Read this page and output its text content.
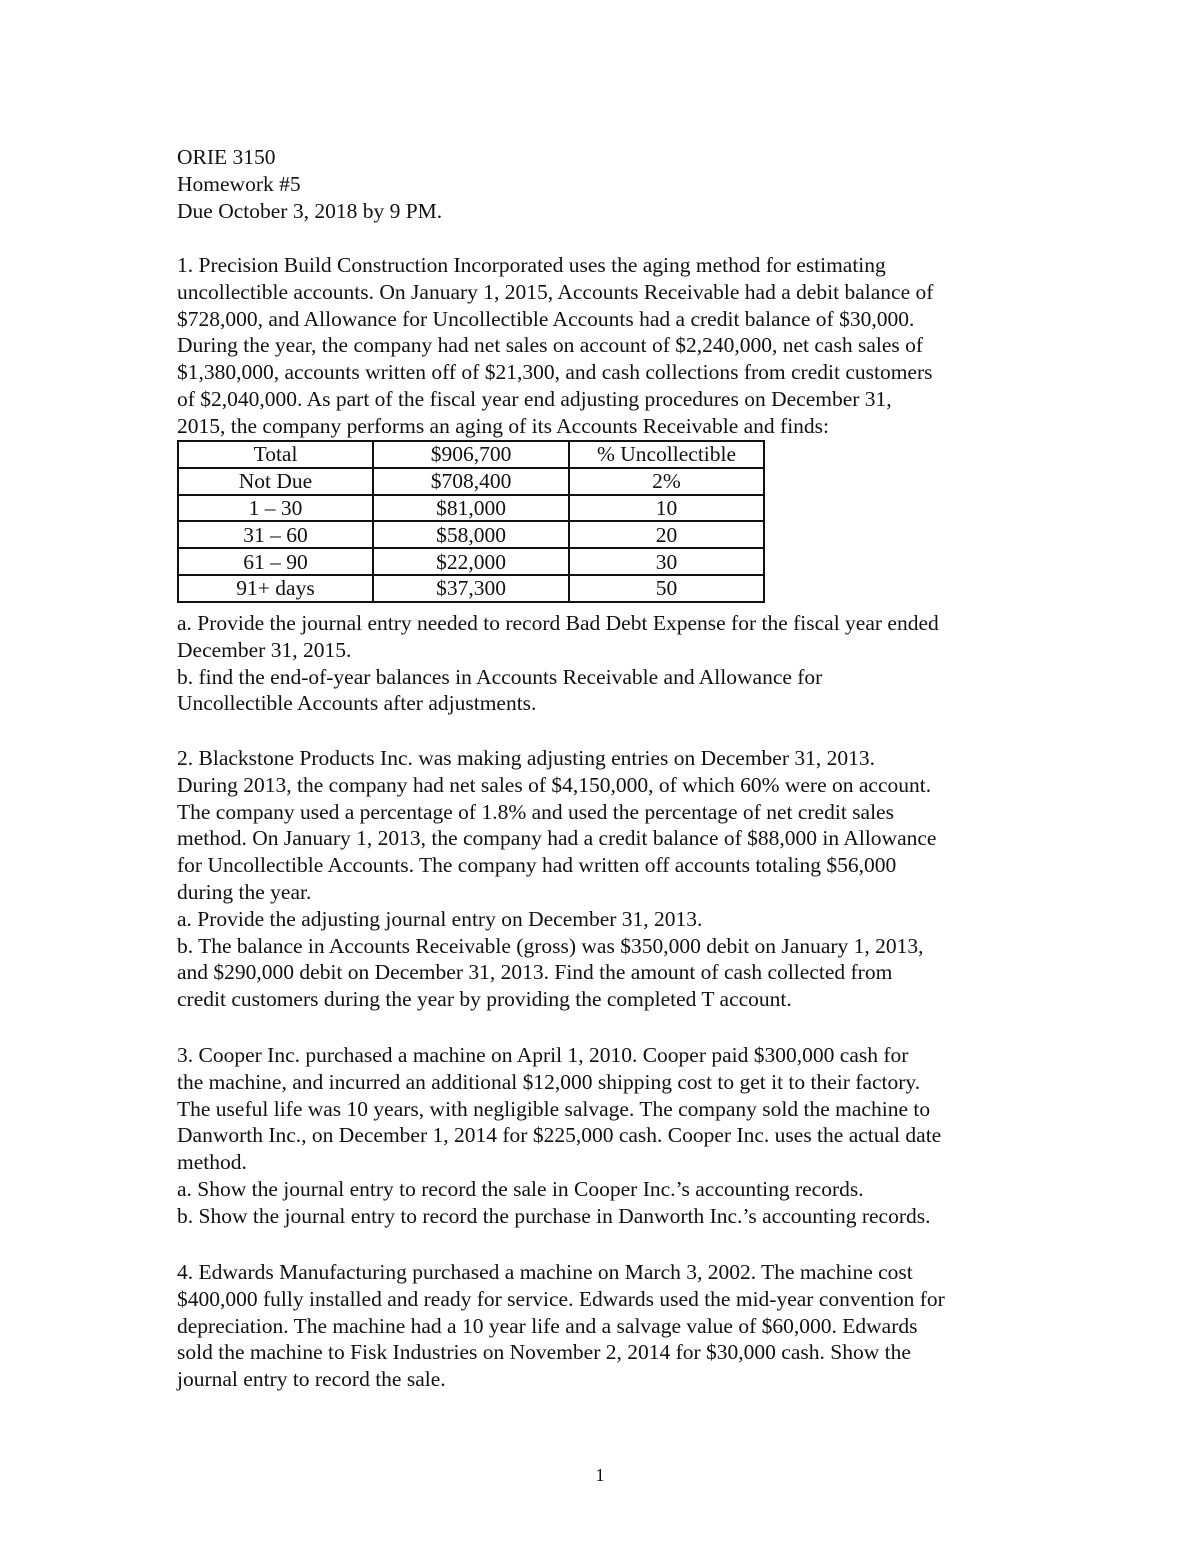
ORIE 3150
Homework #5
Due October 3, 2018 by 9 PM.
1. Precision Build Construction Incorporated uses the aging method for estimating
uncollectible accounts. On January 1, 2015, Accounts Receivable had a debit balance of
$728,000, and Allowance for Uncollectible Accounts had a credit balance of $30,000.
During the year, the company had net sales on account of $2,240,000, net cash sales of
$1,380,000, accounts written off of $21,300, and cash collections from credit customers
of $2,040,000. As part of the fiscal year end adjusting procedures on December 31,
2015, the company performs an aging of its Accounts Receivable and finds:
Total	$906,700	% Uncollectible
Not Due	$708,400	2%
1 – 30	$81,000	10
31 – 60	$58,000	20
61 – 90	$22,000	30
91+ days	$37,300	50
a. Provide the journal entry needed to record Bad Debt Expense for the fiscal year ended
December 31, 2015.
b. find the end-of-year balances in Accounts Receivable and Allowance for
Uncollectible Accounts after adjustments.
2. Blackstone Products Inc. was making adjusting entries on December 31, 2013.
During 2013, the company had net sales of $4,150,000, of which 60% were on account.
The company used a percentage of 1.8% and used the percentage of net credit sales
method. On January 1, 2013, the company had a credit balance of $88,000 in Allowance
for Uncollectible Accounts. The company had written off accounts totaling $56,000
during the year.
a. Provide the adjusting journal entry on December 31, 2013.
b. The balance in Accounts Receivable (gross) was $350,000 debit on January 1, 2013,
and $290,000 debit on December 31, 2013. Find the amount of cash collected from
credit customers during the year by providing the completed T account.
3. Cooper Inc. purchased a machine on April 1, 2010. Cooper paid $300,000 cash for
the machine, and incurred an additional $12,000 shipping cost to get it to their factory.
The useful life was 10 years, with negligible salvage. The company sold the machine to
Danworth Inc., on December 1, 2014 for $225,000 cash. Cooper Inc. uses the actual date
method.
a. Show the journal entry to record the sale in Cooper Inc.’s accounting records.
b. Show the journal entry to record the purchase in Danworth Inc.’s accounting records.
4. Edwards Manufacturing purchased a machine on March 3, 2002. The machine cost
$400,000 fully installed and ready for service. Edwards used the mid-year convention for
depreciation. The machine had a 10 year life and a salvage value of $60,000. Edwards
sold the machine to Fisk Industries on November 2, 2014 for $30,000 cash. Show the
journal entry to record the sale.
1
